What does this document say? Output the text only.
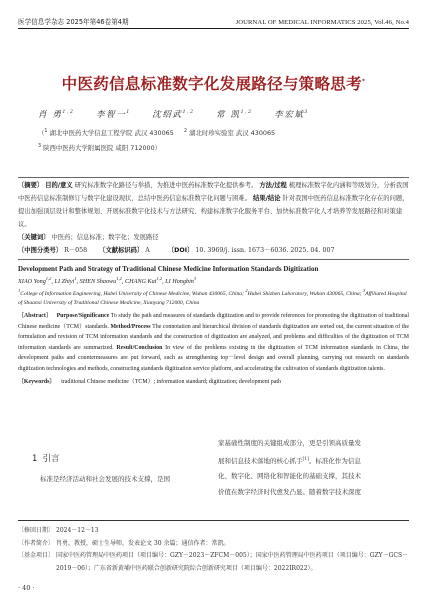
医学信息学杂志 2025年第46卷第4期	JOURNAL OF MEDICAL INFORMATICS 2025, Vol.46, No.4
中医药信息标准数字化发展路径与策略思考*
肖 勇$^{1,2}$	李智一$^1$	沈绍武$^{1,2}$	常 凯$^{1,2}$	李宏斌$^3$
（$^1$ 湖北中医药大学信息工程学院 武汉 430065 $^2$ 湖北时珍实验室 武汉 430065
$^3$ 陕西中医药大学附属医院 咸阳 712000）

〔摘要〕 目的/意义 研究标准数字化路径与举措，为推进中医药标准数字化提供参考。 方法/过程 梳理标准数字化内涵和等级划分，分析我国中医药信息标准制修订与数字化建设现状，总结中医药信息标准数字化问题与困难。 结果/结论 针对我国中医药信息标准数字化存在的问题，提出加强顶层设计和整体规划、开展标准数字化技术与方法研究、构建标准数字化服务平台、加快标准数字化人才培养等发展路径和对策建议。

〔关键词〕 中医药；信息标准；数字化；发展路径

〔中图分类号〕 R－058 〔文献标识码〕 A	〔DOI〕 10. 3969/j. issn. 1673－6036. 2025. 04. 007

Development Path and Strategy of Traditional Chinese Medicine Information Standards Digitization

XIAO Yong$^{1,2}$, LI Zhiyi$^1$, SHEN Shaowu$^{1,2}$, CHANG Kai$^{1,2}$, LI Hongbin$^3$

$^1$College of Information Engineering, Hubei University of Chinese Medicine, Wuhan 430065, China; $^2$Hubei Shizhen Laboratory, Wuhan 430065, China; $^3$Affiliated Hospital of Shaanxi University of Traditional Chinese Medicine, Xianyang 712000, China

〔Abstract〕 Purpose/Significance To study the path and measures of standards digitization and to provide references for promoting the digitization of traditional Chinese medicine（TCM）standards. Method/Process The connotation and hierarchical division of standards digitization are sorted out, the current situation of the formulation and revision of TCM information standards and the construction of digitization are analyzed, and problems and difficulties of the digitization of TCM information standards are summarized. Result/Conclusion In view of the problems existing in the digitization of TCM information standards in China, the development paths and countermeasures are put forward, such as strengthening top－level design and overall planning, carrying out research on standards digitization technologies and methods, constructing standards digitization service platform, and accelerating the cultivation of standards digitization talents.

〔Keywords〕 traditional Chinese medicine（TCM）; information standard; digitization; development path

1 引言

标准是经济活动和社会发展的技术支撑，是国

家基础性制度的关键组成部分，更是引领高质量发
展和信息技术落地的核心抓手[1]。标准化作为信息
化、数字化、网络化和智能化的基础支撑，其技术
价值在数字经济时代愈发凸显。随着数字技术深度
〔修回日期〕 2024－12－13
〔作者简介〕 肖勇，教授，硕士生导师，发表论文 30 余篇；通信作者：常凯。
〔基金项目〕 国家中医药管理局中医药项目（项目编号：GZY－2023－ZFCM－005）；国家中医药管理局中医药项目（项目编号：GZY－GCS－2019－06）；广东省新黄埔中医药联合创新研究院综合创新研究项目（项目编号：2022IR022）。
· 40 ·
